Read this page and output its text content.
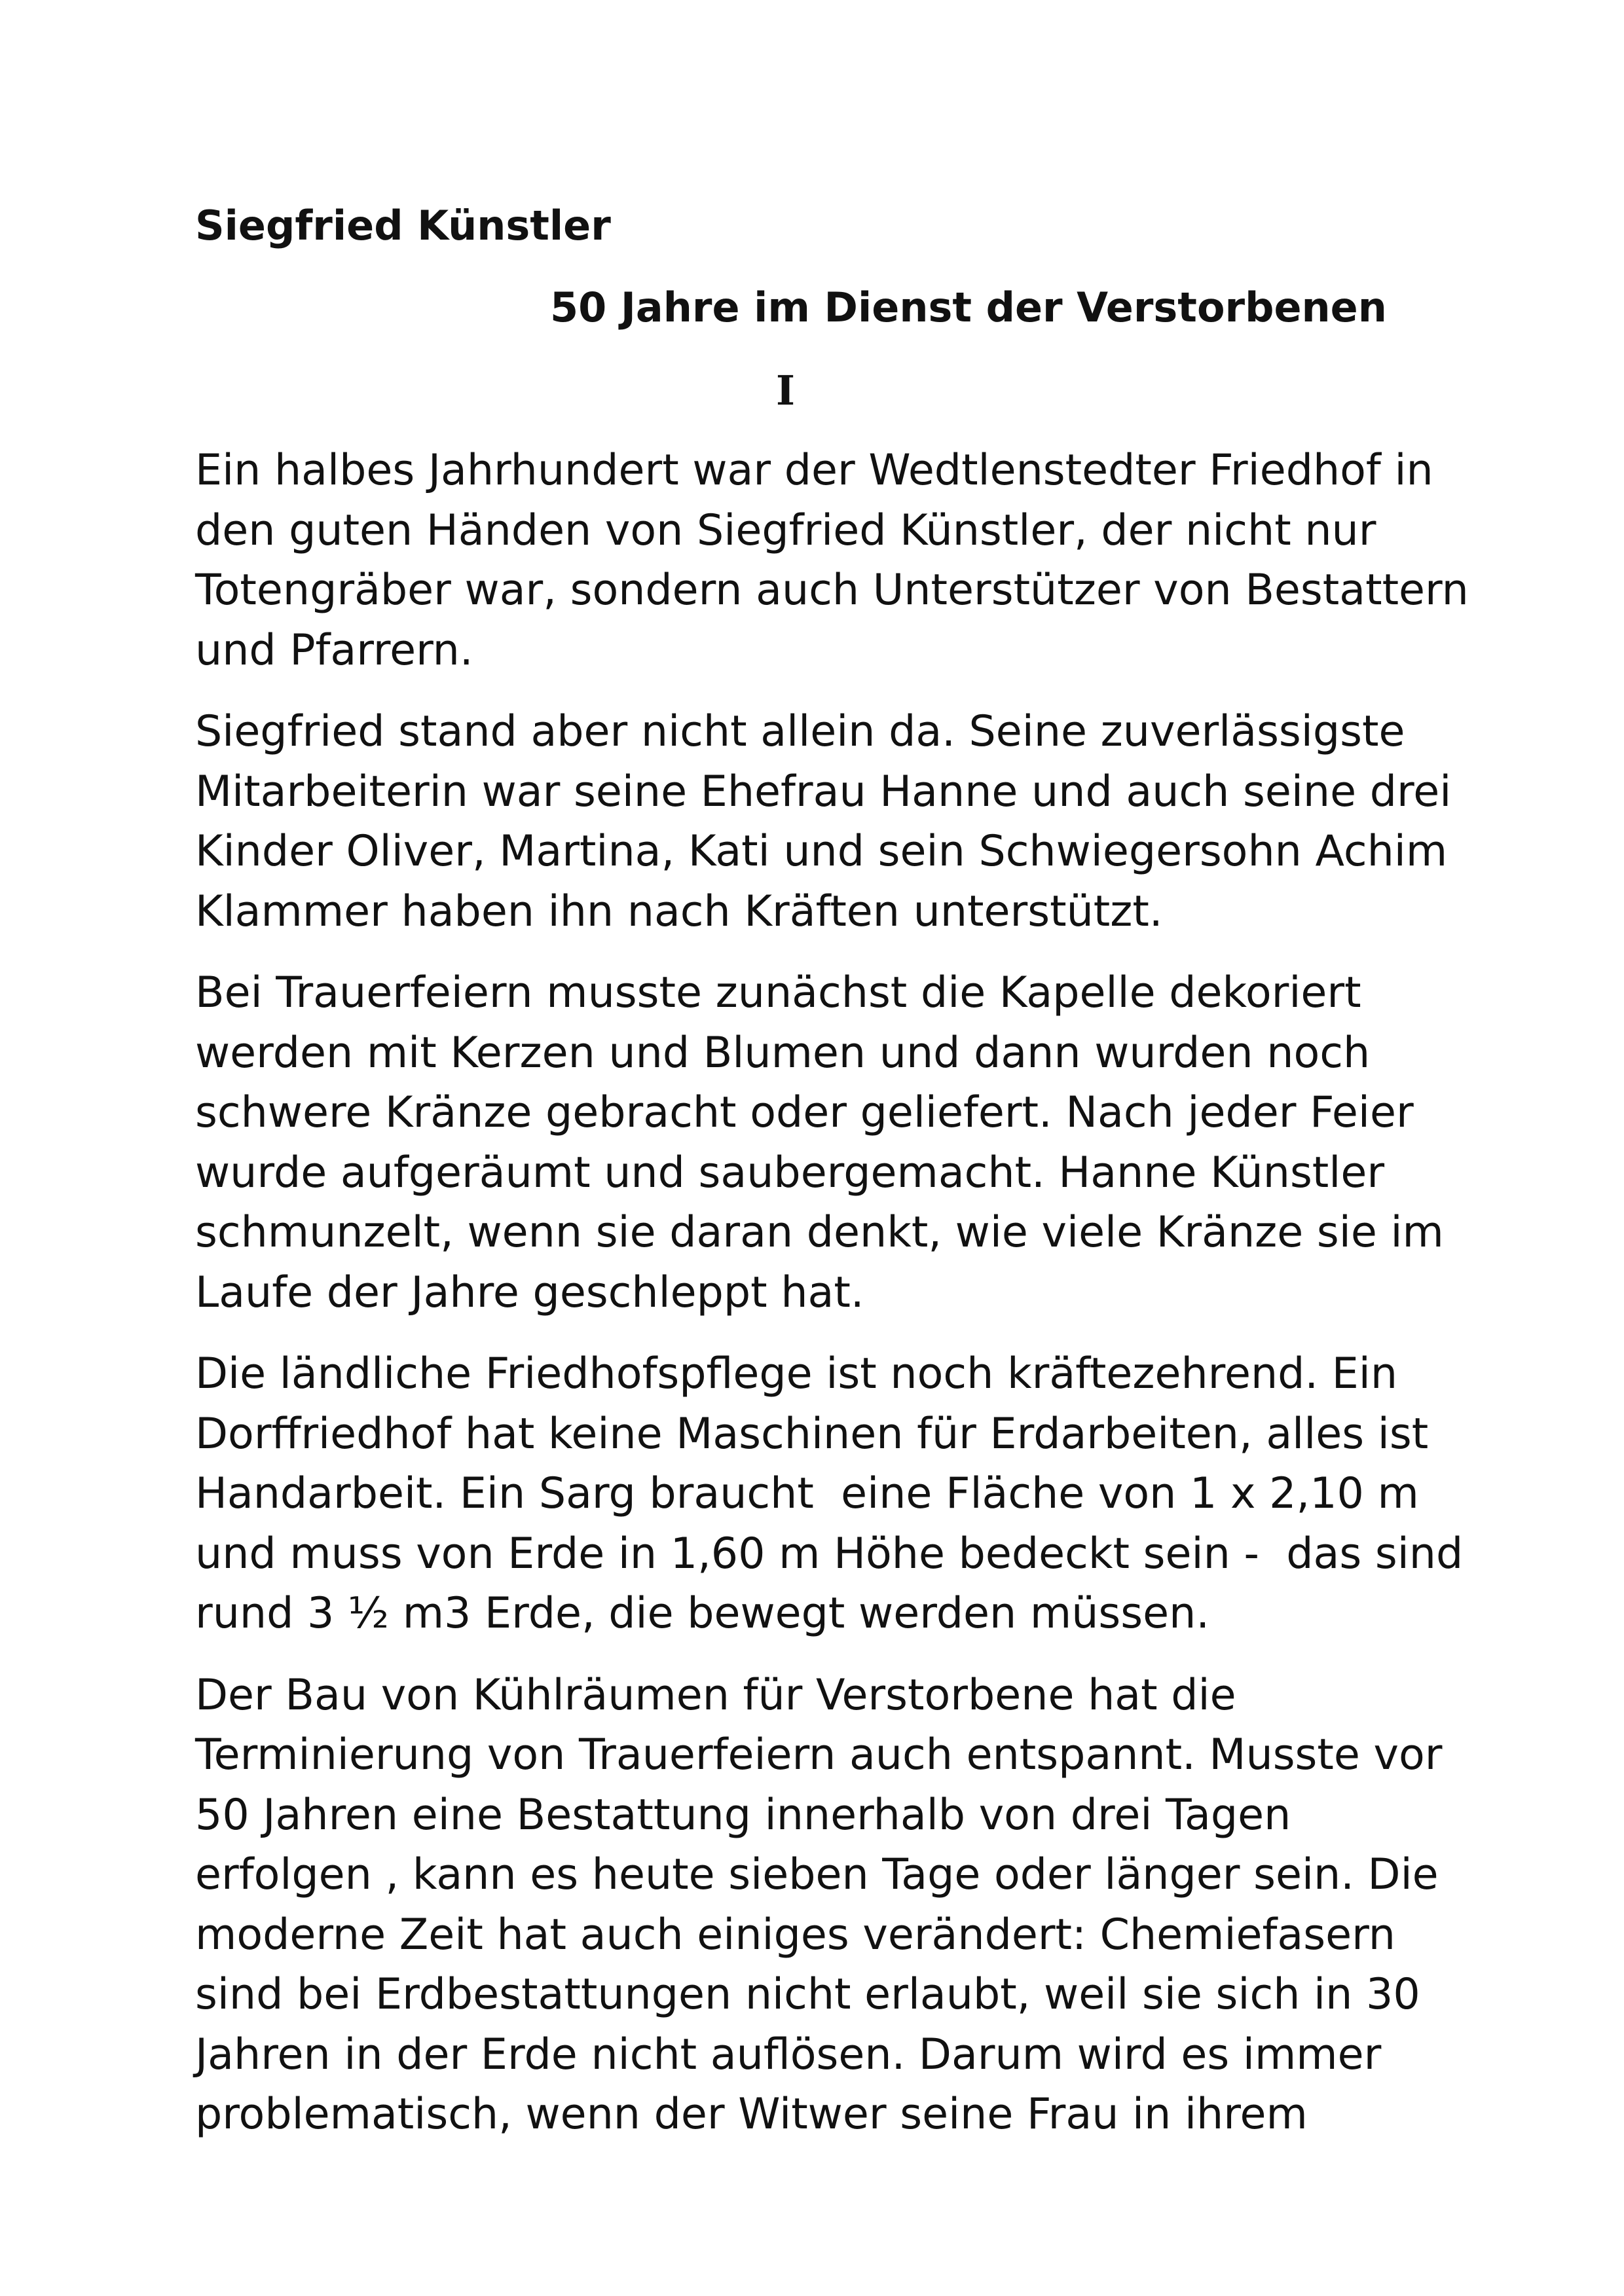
Siegfried Künstler
50 Jahre im Dienst der Verstorbenen
I

Ein halbes Jahrhundert war der Wedtlenstedter Friedhof in
den guten Händen von Siegfried Künstler, der nicht nur
Totengräber war, sondern auch Unterstützer von Bestattern
und Pfarrern.

Siegfried stand aber nicht allein da. Seine zuverlässigste
Mitarbeiterin war seine Ehefrau Hanne und auch seine drei
Kinder Oliver, Martina, Kati und sein Schwiegersohn Achim
Klammer haben ihn nach Kräften unterstützt.

Bei Trauerfeiern musste zunächst die Kapelle dekoriert
werden mit Kerzen und Blumen und dann wurden noch
schwere Kränze gebracht oder geliefert. Nach jeder Feier
wurde aufgeräumt und saubergemacht. Hanne Künstler
schmunzelt, wenn sie daran denkt, wie viele Kränze sie im
Laufe der Jahre geschleppt hat.

Die ländliche Friedhofspflege ist noch kräftezehrend. Ein
Dorffriedhof hat keine Maschinen für Erdarbeiten, alles ist
Handarbeit. Ein Sarg braucht  eine Fläche von 1 x 2,10 m
und muss von Erde in 1,60 m Höhe bedeckt sein -  das sind
rund 3 ½ m3 Erde, die bewegt werden müssen.

Der Bau von Kühlräumen für Verstorbene hat die
Terminierung von Trauerfeiern auch entspannt. Musste vor
50 Jahren eine Bestattung innerhalb von drei Tagen
erfolgen , kann es heute sieben Tage oder länger sein. Die
moderne Zeit hat auch einiges verändert: Chemiefasern
sind bei Erdbestattungen nicht erlaubt, weil sie sich in 30
Jahren in der Erde nicht auflösen. Darum wird es immer
problematisch, wenn der Witwer seine Frau in ihrem
